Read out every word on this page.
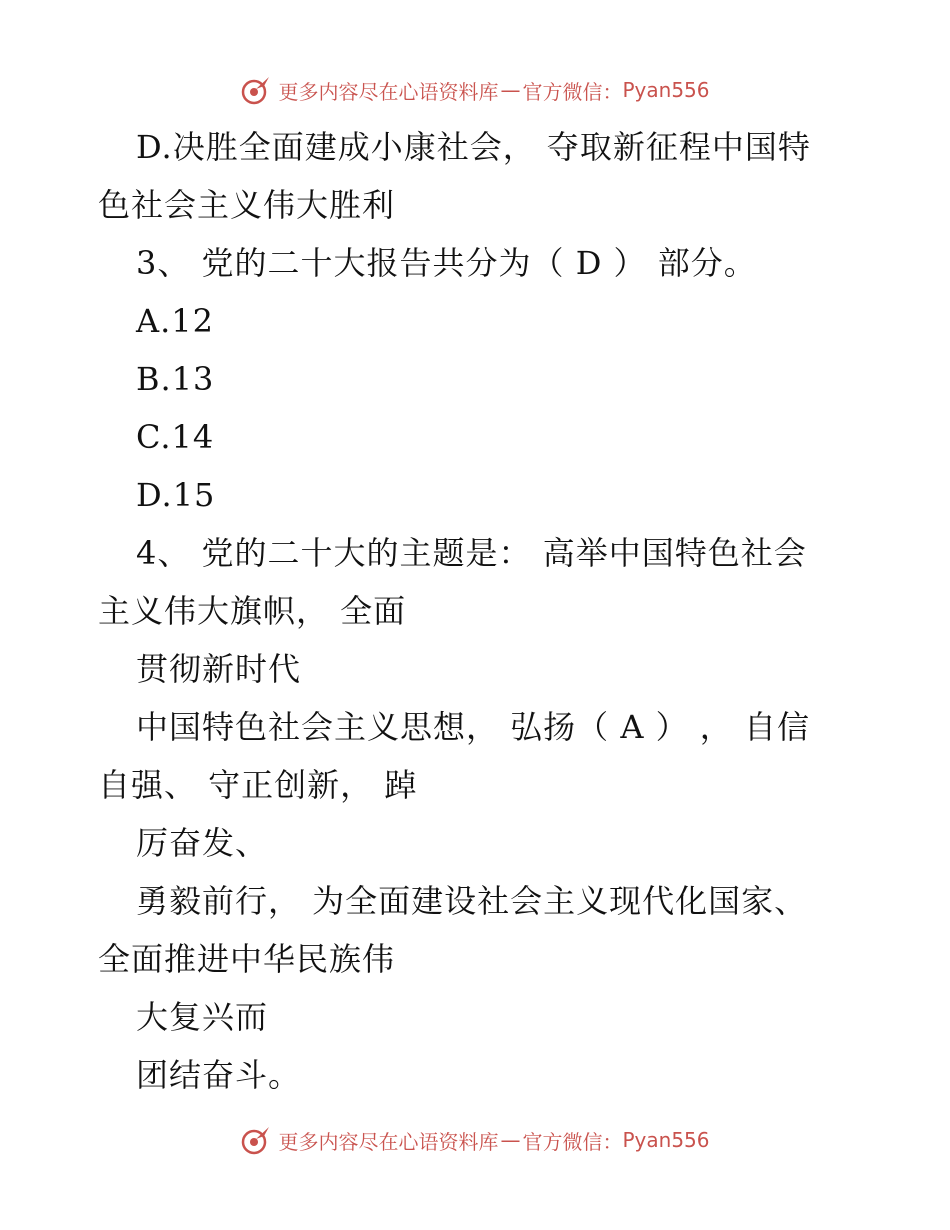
更多内容尽在心语资料库 — 官方微信： Pyan556
D.决胜全面建成小康社会， 夺取新征程中国特
色社会主义伟大胜利
3、 党的二十大报告共分为（ D ） 部分。
A.12
B.13
C.14
D.15
4、 党的二十大的主题是： 高举中国特色社会
主义伟大旗帜， 全面
贯彻新时代
中国特色社会主义思想， 弘扬（ A ） ， 自信
自强、 守正创新， 踔
厉奋发、
勇毅前行， 为全面建设社会主义现代化国家、
全面推进中华民族伟
大复兴而
团结奋斗。
更多内容尽在心语资料库 — 官方微信： Pyan556
